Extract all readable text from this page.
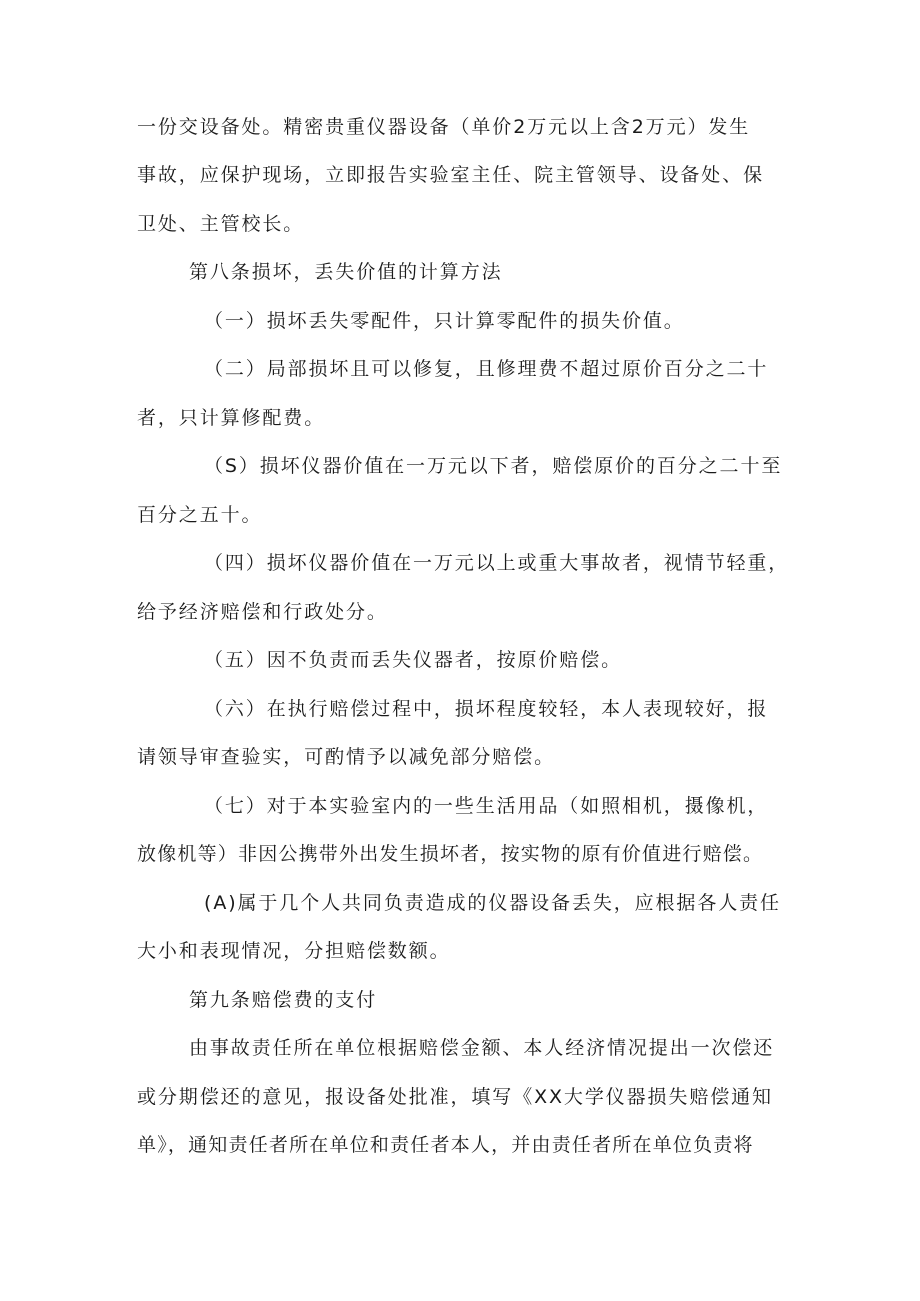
一份交设备处。精密贵重仪器设备（单价2万元以上含2万元）发生
事故，应保护现场，立即报告实验室主任、院主管领导、设备处、保
卫处、主管校长。
第八条损坏，丢失价值的计算方法
（一）损坏丢失零配件，只计算零配件的损失价值。
（二）局部损坏且可以修复，且修理费不超过原价百分之二十
者，只计算修配费。
（S）损坏仪器价值在一万元以下者，赔偿原价的百分之二十至
百分之五十。
（四）损坏仪器价值在一万元以上或重大事故者，视情节轻重，
给予经济赔偿和行政处分。
（五）因不负责而丢失仪器者，按原价赔偿。
（六）在执行赔偿过程中，损坏程度较轻，本人表现较好，报
请领导审查验实，可酌情予以减免部分赔偿。
（七）对于本实验室内的一些生活用品（如照相机，摄像机，
放像机等）非因公携带外出发生损坏者，按实物的原有价值进行赔偿。
(A)属于几个人共同负责造成的仪器设备丢失，应根据各人责任
大小和表现情况，分担赔偿数额。
第九条赔偿费的支付
由事故责任所在单位根据赔偿金额、本人经济情况提出一次偿还
或分期偿还的意见，报设备处批准，填写《XX大学仪器损失赔偿通知
单》，通知责任者所在单位和责任者本人，并由责任者所在单位负责将
